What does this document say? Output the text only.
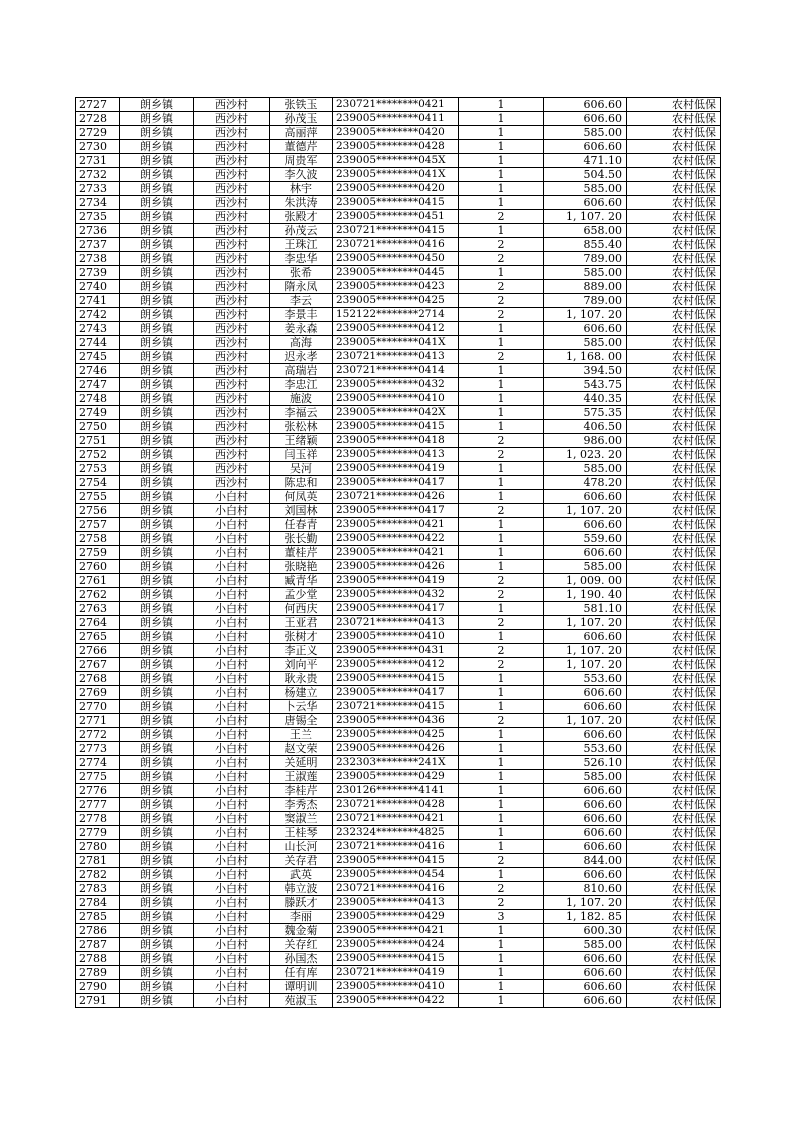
2727	朗乡镇	西沙村	张铁玉	230721********0421	1	606.60	农村低保
2728	朗乡镇	西沙村	孙茂玉	239005********0411	1	606.60	农村低保
2729	朗乡镇	西沙村	高丽萍	239005********0420	1	585.00	农村低保
2730	朗乡镇	西沙村	董德芹	239005********0428	1	606.60	农村低保
2731	朗乡镇	西沙村	周贵军	239005********045X	1	471.10	农村低保
2732	朗乡镇	西沙村	李久波	239005********041X	1	504.50	农村低保
2733	朗乡镇	西沙村	林宇	239005********0420	1	585.00	农村低保
2734	朗乡镇	西沙村	朱洪涛	239005********0415	1	606.60	农村低保
2735	朗乡镇	西沙村	张殿才	239005********0451	2	1, 107. 20	农村低保
2736	朗乡镇	西沙村	孙茂云	230721********0415	1	658.00	农村低保
2737	朗乡镇	西沙村	王珠江	230721********0416	2	855.40	农村低保
2738	朗乡镇	西沙村	李忠华	239005********0450	2	789.00	农村低保
2739	朗乡镇	西沙村	张希	239005********0445	1	585.00	农村低保
2740	朗乡镇	西沙村	隋永凤	239005********0423	2	889.00	农村低保
2741	朗乡镇	西沙村	李云	239005********0425	2	789.00	农村低保
2742	朗乡镇	西沙村	李景丰	152122********2714	2	1, 107. 20	农村低保
2743	朗乡镇	西沙村	姜永森	239005********0412	1	606.60	农村低保
2744	朗乡镇	西沙村	高海	239005********041X	1	585.00	农村低保
2745	朗乡镇	西沙村	迟永孝	230721********0413	2	1, 168. 00	农村低保
2746	朗乡镇	西沙村	高瑞岩	230721********0414	1	394.50	农村低保
2747	朗乡镇	西沙村	李忠江	239005********0432	1	543.75	农村低保
2748	朗乡镇	西沙村	施波	239005********0410	1	440.35	农村低保
2749	朗乡镇	西沙村	李福云	239005********042X	1	575.35	农村低保
2750	朗乡镇	西沙村	张松林	239005********0415	1	406.50	农村低保
2751	朗乡镇	西沙村	王绪颖	239005********0418	2	986.00	农村低保
2752	朗乡镇	西沙村	闫玉祥	239005********0413	2	1, 023. 20	农村低保
2753	朗乡镇	西沙村	吴河	239005********0419	1	585.00	农村低保
2754	朗乡镇	西沙村	陈忠和	239005********0417	1	478.20	农村低保
2755	朗乡镇	小白村	何凤英	230721********0426	1	606.60	农村低保
2756	朗乡镇	小白村	刘国林	239005********0417	2	1, 107. 20	农村低保
2757	朗乡镇	小白村	任春青	239005********0421	1	606.60	农村低保
2758	朗乡镇	小白村	张长勤	239005********0422	1	559.60	农村低保
2759	朗乡镇	小白村	董桂芹	239005********0421	1	606.60	农村低保
2760	朗乡镇	小白村	张晓艳	239005********0426	1	585.00	农村低保
2761	朗乡镇	小白村	臧青华	239005********0419	2	1, 009. 00	农村低保
2762	朗乡镇	小白村	孟少堂	239005********0432	2	1, 190. 40	农村低保
2763	朗乡镇	小白村	何西庆	239005********0417	1	581.10	农村低保
2764	朗乡镇	小白村	王亚君	230721********0413	2	1, 107. 20	农村低保
2765	朗乡镇	小白村	张树才	239005********0410	1	606.60	农村低保
2766	朗乡镇	小白村	李正义	239005********0431	2	1, 107. 20	农村低保
2767	朗乡镇	小白村	刘向平	239005********0412	2	1, 107. 20	农村低保
2768	朗乡镇	小白村	耿永贵	239005********0415	1	553.60	农村低保
2769	朗乡镇	小白村	杨建立	239005********0417	1	606.60	农村低保
2770	朗乡镇	小白村	卜云华	230721********0415	1	606.60	农村低保
2771	朗乡镇	小白村	唐锡全	239005********0436	2	1, 107. 20	农村低保
2772	朗乡镇	小白村	王兰	239005********0425	1	606.60	农村低保
2773	朗乡镇	小白村	赵文荣	239005********0426	1	553.60	农村低保
2774	朗乡镇	小白村	关延明	232303********241X	1	526.10	农村低保
2775	朗乡镇	小白村	王淑莲	239005********0429	1	585.00	农村低保
2776	朗乡镇	小白村	李桂芹	230126********4141	1	606.60	农村低保
2777	朗乡镇	小白村	李秀杰	230721********0428	1	606.60	农村低保
2778	朗乡镇	小白村	窦淑兰	230721********0421	1	606.60	农村低保
2779	朗乡镇	小白村	王桂琴	232324********4825	1	606.60	农村低保
2780	朗乡镇	小白村	山长河	230721********0416	1	606.60	农村低保
2781	朗乡镇	小白村	关存君	239005********0415	2	844.00	农村低保
2782	朗乡镇	小白村	武英	239005********0454	1	606.60	农村低保
2783	朗乡镇	小白村	韩立波	230721********0416	2	810.60	农村低保
2784	朗乡镇	小白村	滕跃才	239005********0413	2	1, 107. 20	农村低保
2785	朗乡镇	小白村	李丽	239005********0429	3	1, 182. 85	农村低保
2786	朗乡镇	小白村	魏金菊	239005********0421	1	600.30	农村低保
2787	朗乡镇	小白村	关存红	239005********0424	1	585.00	农村低保
2788	朗乡镇	小白村	孙国杰	239005********0415	1	606.60	农村低保
2789	朗乡镇	小白村	任有库	230721********0419	1	606.60	农村低保
2790	朗乡镇	小白村	谭明训	239005********0410	1	606.60	农村低保
2791	朗乡镇	小白村	苑淑玉	239005********0422	1	606.60	农村低保
